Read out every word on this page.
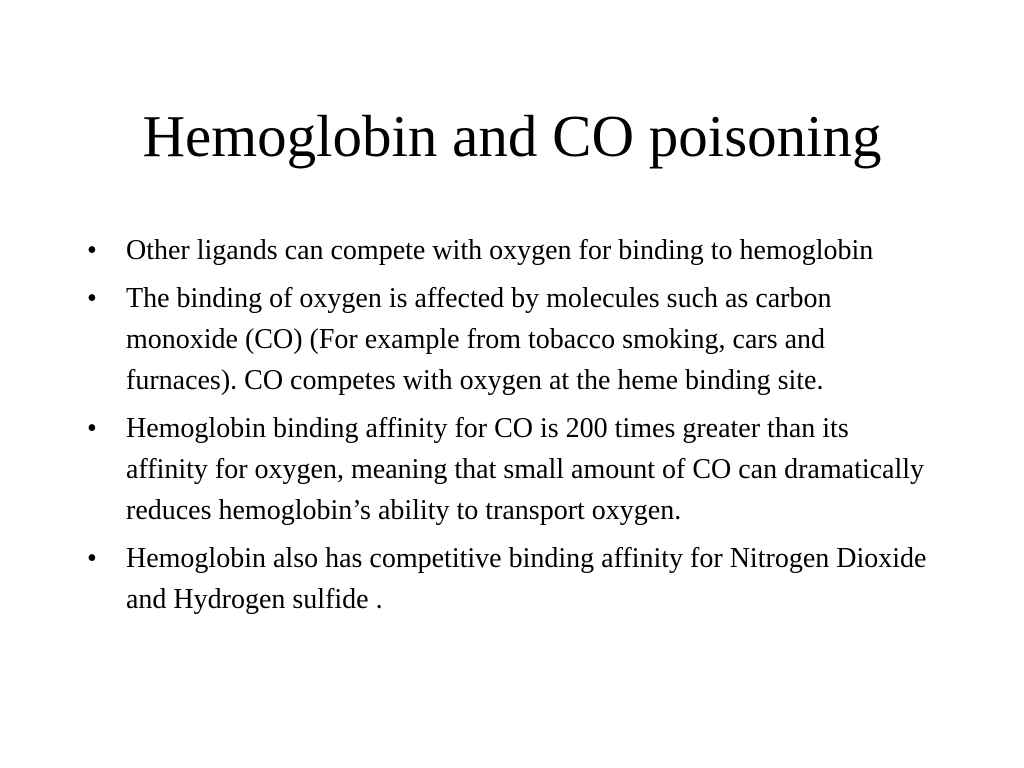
Hemoglobin and CO poisoning
•	Other ligands can compete with oxygen for binding to hemoglobin
•	The binding of oxygen is affected by molecules such as carbon monoxide (CO) (For example from tobacco smoking, cars and furnaces). CO competes with oxygen at the heme binding site.
•	Hemoglobin binding affinity for CO is 200 times greater than its affinity for oxygen, meaning that small amount of CO can dramatically reduces hemoglobin’s ability to transport oxygen.
•	Hemoglobin also has competitive binding affinity for Nitrogen Dioxide and Hydrogen sulfide .
